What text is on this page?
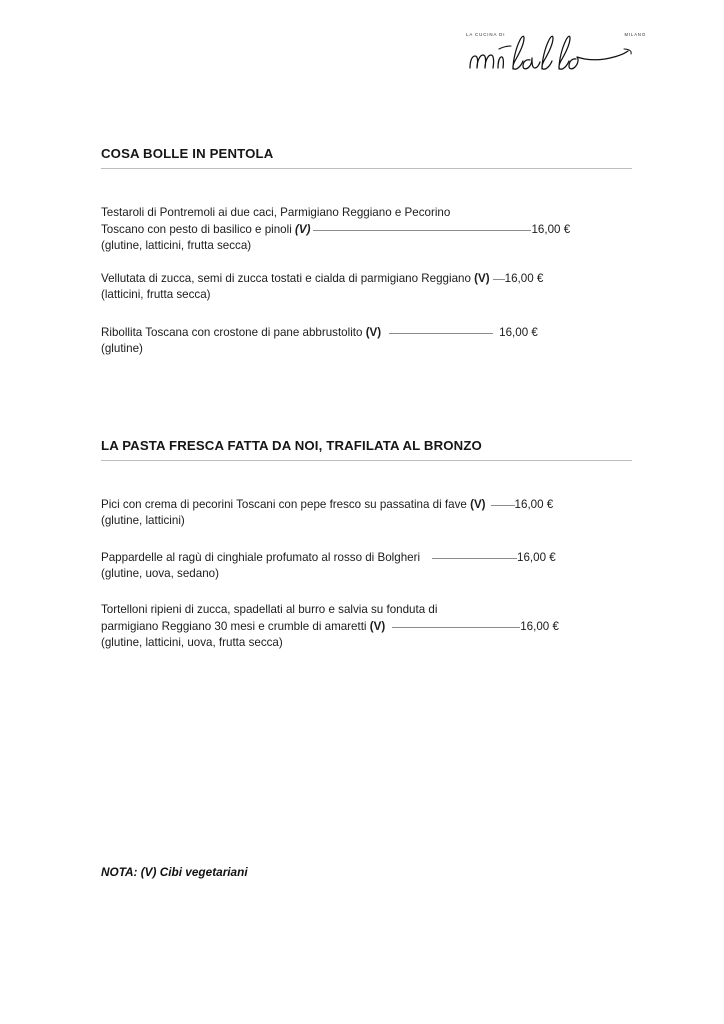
LA CUCINA DI	MILANO
COSA BOLLE IN PENTOLA
Testaroli di Pontremoli ai due caci, Parmigiano Reggiano e Pecorino
Toscano con pesto di basilico e pinoli (V)	16,00 €
(glutine, latticini, frutta secca)
Vellutata di zucca, semi di zucca tostati e cialda di parmigiano Reggiano (V) 16,00 €
(latticini, frutta secca)
Ribollita Toscana con crostone di pane abbrustolito (V)	16,00 €
(glutine)
LA PASTA FRESCA FATTA DA NOI, TRAFILATA AL BRONZO
Pici con crema di pecorini Toscani con pepe fresco su passatina di fave (V)	16,00 €
(glutine, latticini)
Pappardelle al ragù di cinghiale profumato al rosso di Bolgheri	16,00 €
(glutine, uova, sedano)
Tortelloni ripieni di zucca, spadellati al burro e salvia su fonduta di
parmigiano Reggiano 30 mesi e crumble di amaretti (V)	16,00 €
(glutine, latticini, uova, frutta secca)
NOTA: (V) Cibi vegetariani
